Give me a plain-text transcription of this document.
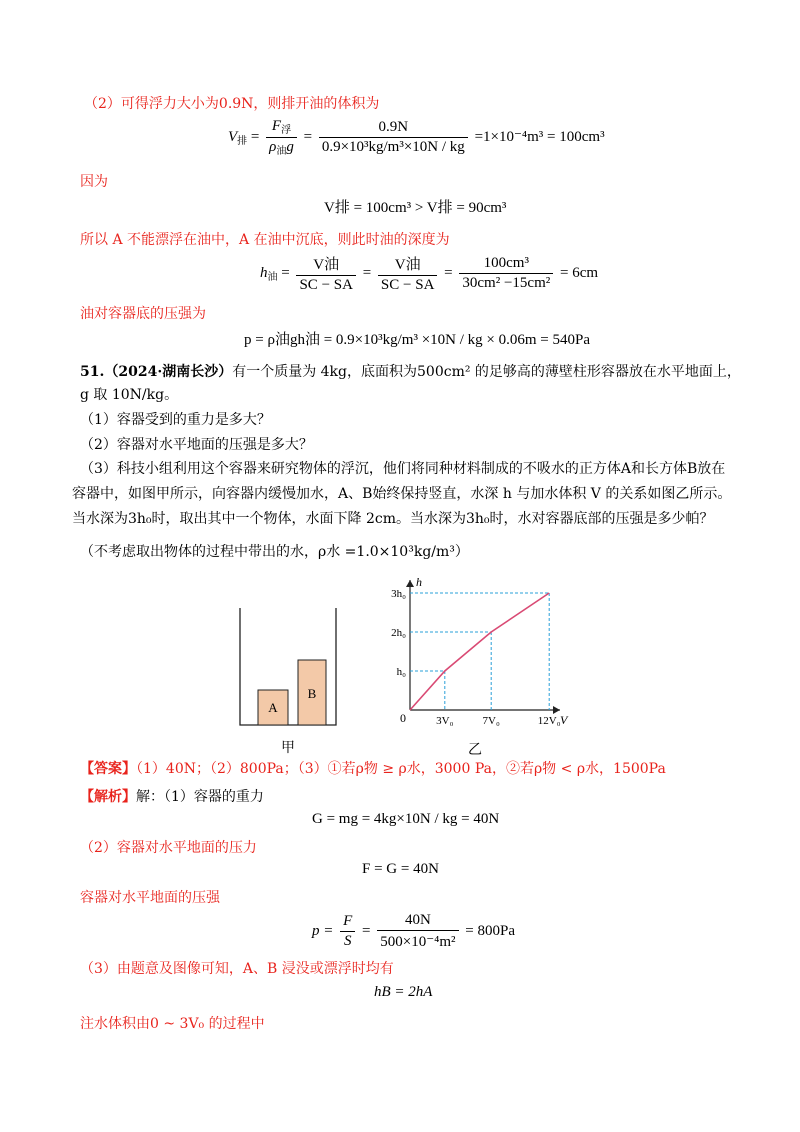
（2）可得浮力大小为0.9N，则排开油的体积为
$V_排 = \frac{F_浮}{\rho_油g} = \frac{0.9N}{\text{0.9×10³kg/m³×10N / kg}} =1\times 10^{-4}m^3 = 100cm^3$
因为
V排 = 100cm³ > V排 = 90cm³
所以 A 不能漂浮在油中，A 在油中沉底，则此时油的深度为
$h_油 = \frac{\text{V油}}{SC - SA} = \frac{\text{V油}}{SC - SA} = \frac{\text{100cm³}}{\text{30cm² −15cm²}} = 6cm$
油对容器底的压强为
p = ρ油gh油 = 0.9×10³kg/m³ ×10N / kg × 0.06m = 540Pa
51.（2024·湖南长沙）有一个质量为 4kg，底面积为500cm² 的足够高的薄壁柱形容器放在水平地面上，
g 取 10N/kg。
（1）容器受到的重力是多大？
（2）容器对水平地面的压强是多大？
（3）科技小组利用这个容器来研究物体的浮沉，他们将同种材料制成的不吸水的正方体A和长方体B放在
容器中，如图甲所示，向容器内缓慢加水，A、B始终保持竖直，水深 h 与加水体积 V 的关系如图乙所示。
当水深为3h₀时，取出其中一个物体，水面下降 2cm。当水深为3h₀时，水对容器底部的压强是多少帕？
（不考虑取出物体的过程中带出的水，ρ水 =1.0×10³kg/m³）
A
B
甲
h
V
0	3V₀
h₀
7V₀
2h₀
12V₀
3h₀
乙
【答案】（1）40N；（2）800Pa；（3）①若ρ物 ≥ ρ水，3000 Pa，②若ρ物 < ρ水，1500Pa
【解析】解：（1）容器的重力
G = mg = 4kg×10N / kg = 40N
（2）容器对水平地面的压力
F = G = 40N
容器对水平地面的压强
$p = \frac{F}{S} = \frac{40N}{\text{500×10⁻⁴m²}} = 800Pa$
（3）由题意及图像可知，A、B 浸没或漂浮时均有
hB = 2hA
注水体积由0 ~ 3V₀ 的过程中
